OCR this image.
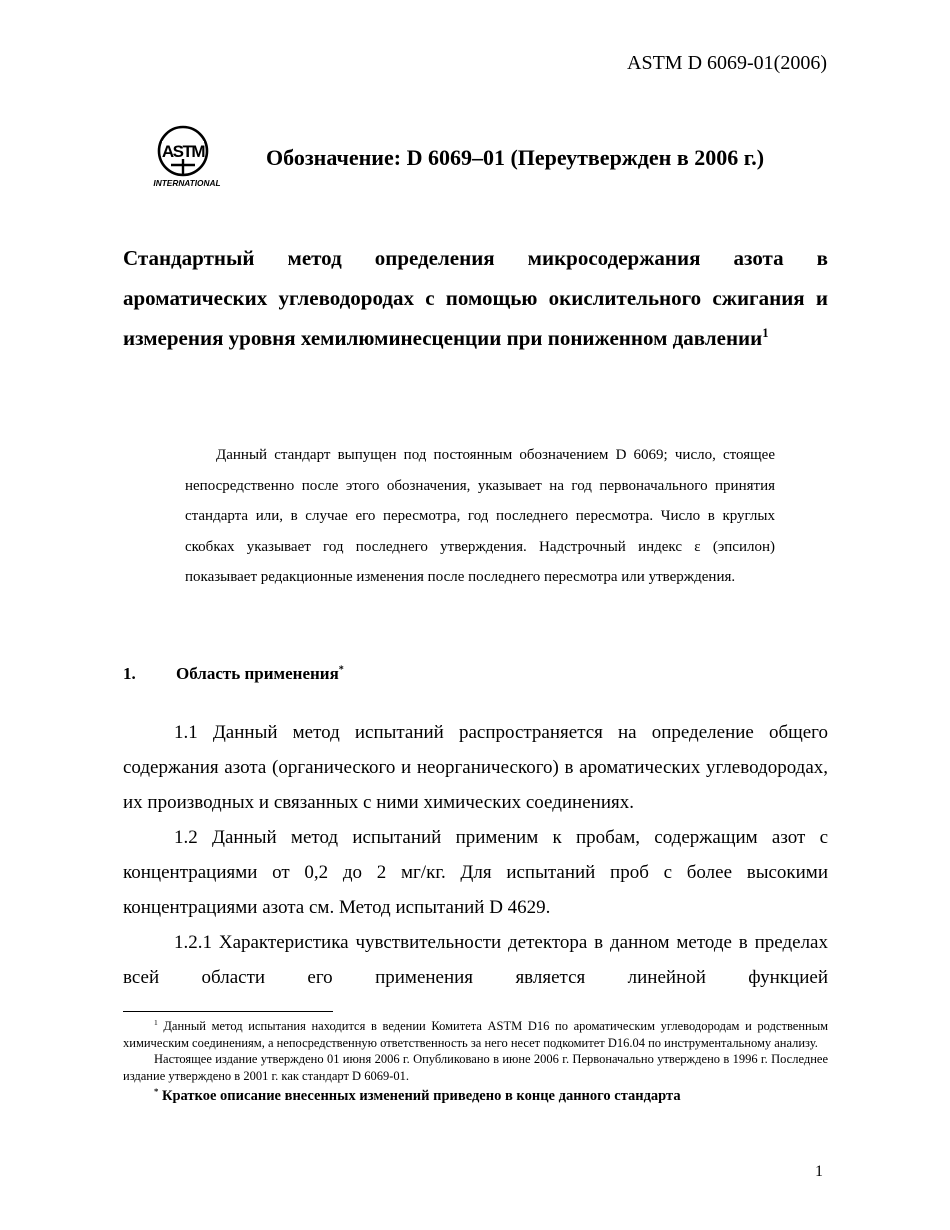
ASTM D 6069-01(2006)
ASTM
INTERNATIONAL
Обозначение: D 6069–01 (Переутвержден в 2006 г.)
Стандартный метод определения микросодержания азота в ароматических углеводородах с помощью окислительного сжигания и измерения уровня хемилюминесценции при пониженном давлении$^1$
Данный стандарт выпущен под постоянным обозначением D 6069; число, стоящее непосредственно после этого обозначения, указывает на год первоначального принятия стандарта или, в случае его пересмотра, год последнего пересмотра. Число в круглых скобках указывает год последнего утверждения. Надстрочный индекс ε (эпсилон) показывает редакционные изменения после последнего пересмотра или утверждения.
1. Область применения*

1.1 Данный метод испытаний распространяется на определение общего содержания азота (органического и неорганического) в ароматических углеводородах, их производных и связанных с ними химических соединениях.

1.2 Данный метод испытаний применим к пробам, содержащим азот с концентрациями от 0,2 до 2 мг/кг. Для испытаний проб с более высокими концентрациями азота см. Метод испытаний D 4629.

1.2.1 Характеристика чувствительности детектора в данном методе в пределах всей области его применения является линейной функцией

$^1$ Данный метод испытания находится в ведении Комитета ASTM D16 по ароматическим углеводородам и родственным химическим соединениям, а непосредственную ответственность за него несет подкомитет D16.04 по инструментальному анализу.

Настоящее издание утверждено 01 июня 2006 г. Опубликовано в июне 2006 г. Первоначально утверждено в 1996 г. Последнее издание утверждено в 2001 г. как стандарт D 6069-01.

* Краткое описание внесенных изменений приведено в конце данного стандарта

1
